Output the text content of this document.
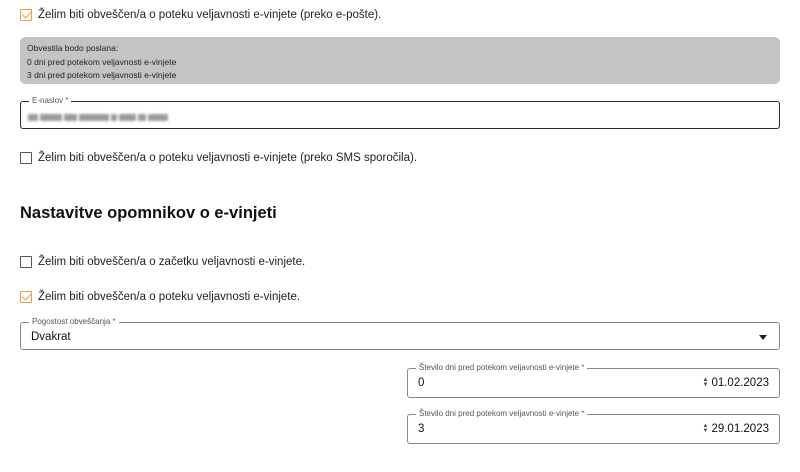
Želim biti obveščen/a o poteku veljavnosti e-vinjete (preko e-pošte).
Obvestila bodo poslana:
0 dni pred potekom veljavnosti e-vinjete
3 dni pred potekom veljavnosti e-vinjete
E-naslov *
Želim biti obveščen/a o poteku veljavnosti e-vinjete (preko SMS sporočila).
Nastavitve opomnikov o e-vinjeti
Želim biti obveščen/a o začetku veljavnosti e-vinjete.
Želim biti obveščen/a o poteku veljavnosti e-vinjete.
Pogostost obveščanja *
Dvakrat
Število dni pred potekom veljavnosti e-vinjete *
0	▲
▼ 01.02.2023
Število dni pred potekom veljavnosti e-vinjete *
3	▲
▼ 29.01.2023
